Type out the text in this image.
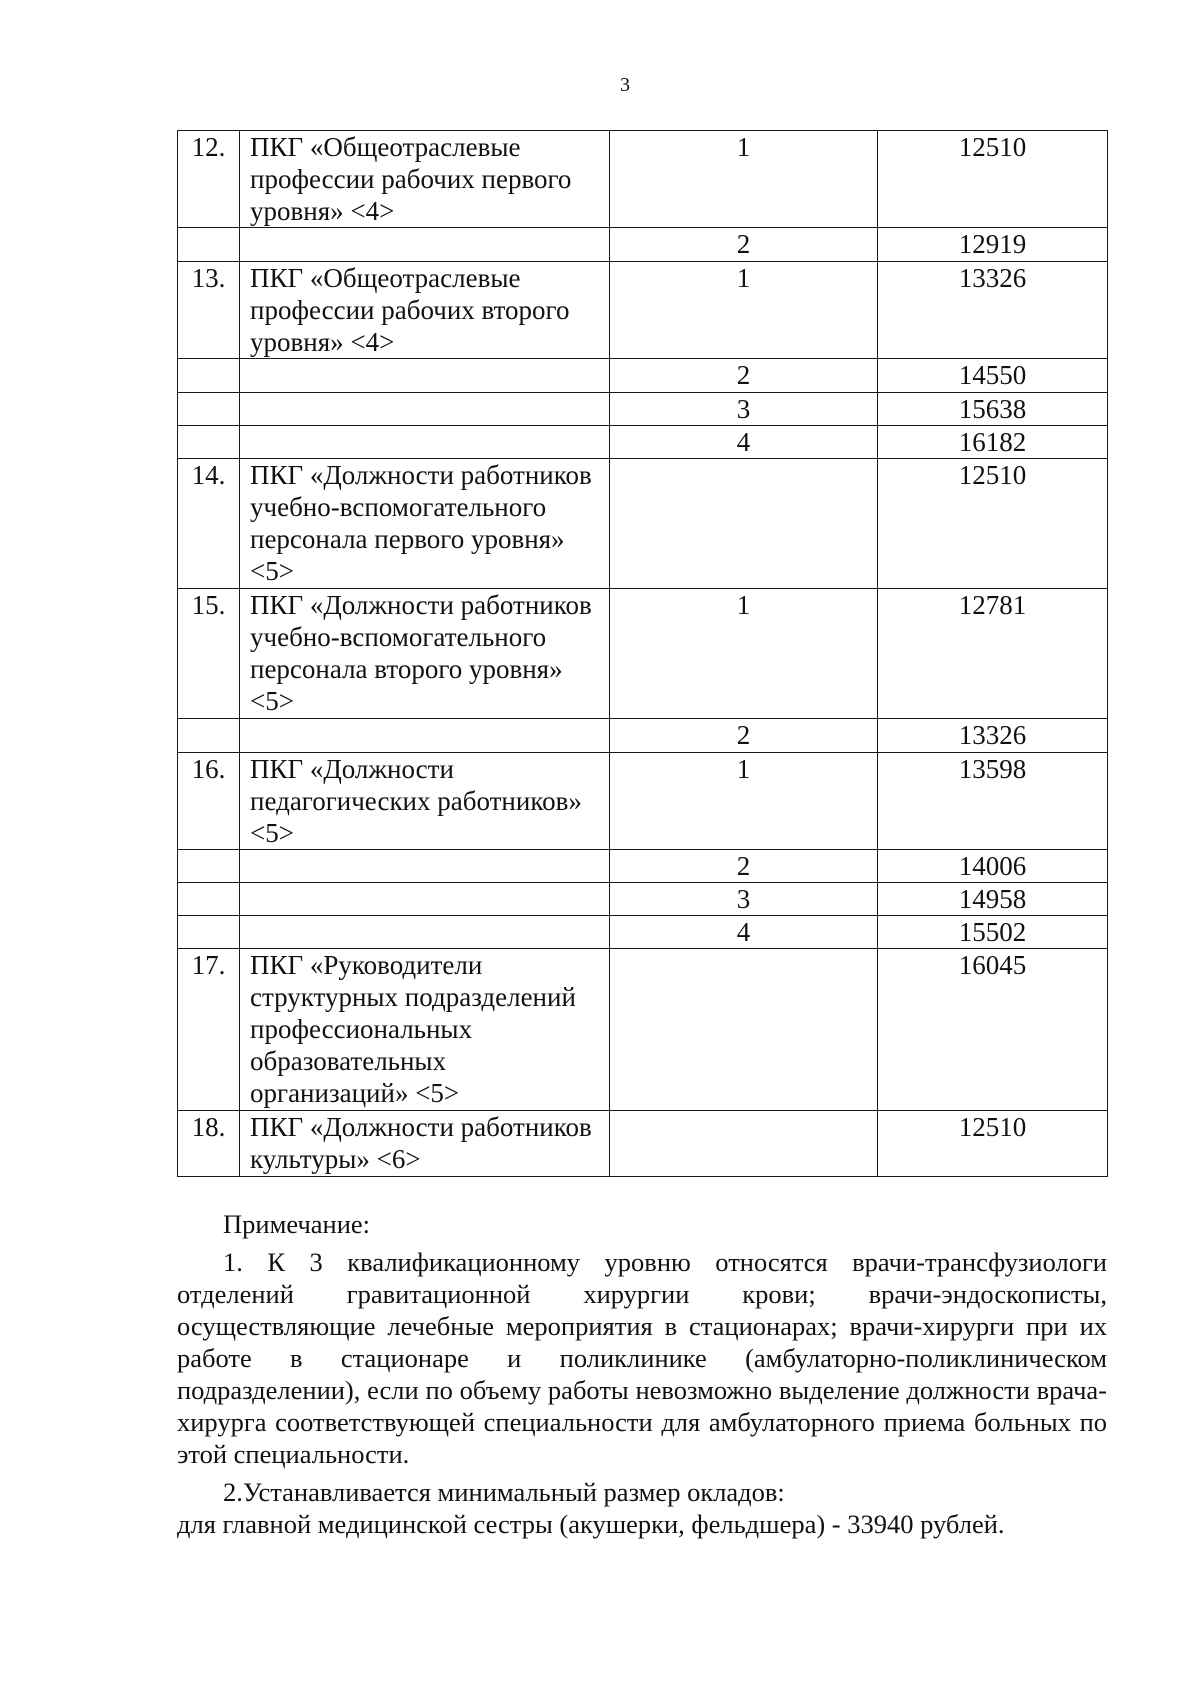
3
12.	ПКГ «Общеотраслевые профессии рабочих первого уровня» <4>	1	12510
		2	12919
13.	ПКГ «Общеотраслевые профессии рабочих второго уровня» <4>	1	13326
		2	14550
		3	15638
		4	16182
14.	ПКГ «Должности работников учебно-вспомогательного персонала первого уровня» <5>		12510
15.	ПКГ «Должности работников учебно-вспомогательного персонала второго уровня» <5>	1	12781
		2	13326
16.	ПКГ «Должности педагогических работников» <5>	1	13598
		2	14006
		3	14958
		4	15502
17.	ПКГ «Руководители структурных подразделений профессиональных образовательных организаций» <5>		16045
18.	ПКГ «Должности работников культуры» <6>		12510

Примечание:

1. К 3 квалификационному уровню относятся врачи-трансфузиологи отделений гравитационной хирургии крови; врачи-эндоскописты, осуществляющие лечебные мероприятия в стационарах; врачи-хирурги при их работе в стационаре и поликлинике (амбулаторно-поликлиническом подразделении), если по объему работы невозможно выделение должности врача-хирурга соответствующей специальности для амбулаторного приема больных по этой специальности.

2.Устанавливается минимальный размер окладов:

для главной медицинской сестры (акушерки, фельдшера) - 33940 рублей.
